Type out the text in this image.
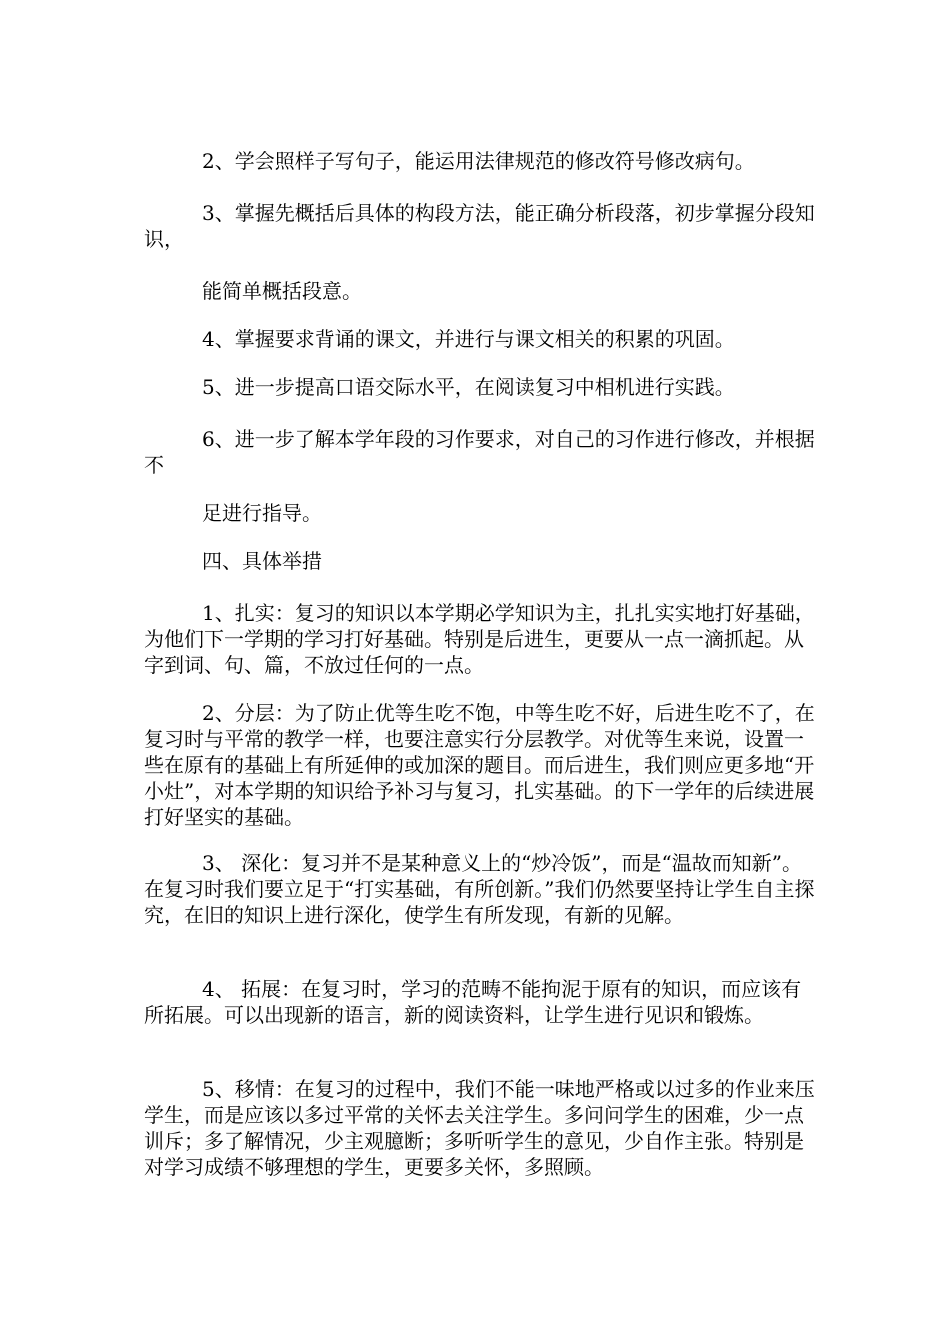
2、学会照样子写句子，能运用法律规范的修改符号修改病句。

3、掌握先概括后具体的构段方法，能正确分析段落，初步掌握分段知识，

能简单概括段意。

4、掌握要求背诵的课文，并进行与课文相关的积累的巩固。

5、进一步提高口语交际水平，在阅读复习中相机进行实践。

6、进一步了解本学年段的习作要求，对自己的习作进行修改，并根据不

足进行指导。

四、具体举措

1、扎实：复习的知识以本学期必学知识为主，扎扎实实地打好基础，为他们下一学期的学习打好基础。特别是后进生，更要从一点一滴抓起。从字到词、句、篇，不放过任何的一点。

2、分层：为了防止优等生吃不饱，中等生吃不好，后进生吃不了，在复习时与平常的教学一样，也要注意实行分层教学。对优等生来说，设置一些在原有的基础上有所延伸的或加深的题目。而后进生，我们则应更多地“开小灶”，对本学期的知识给予补习与复习，扎实基础。的下一学年的后续进展打好坚实的基础。

3、 深化：复习并不是某种意义上的“炒冷饭”，而是“温故而知新”。在复习时我们要立足于“打实基础，有所创新。”我们仍然要坚持让学生自主探究，在旧的知识上进行深化，使学生有所发现，有新的见解。

4、 拓展：在复习时，学习的范畴不能拘泥于原有的知识，而应该有所拓展。可以出现新的语言，新的阅读资料，让学生进行见识和锻炼。

5、移情：在复习的过程中，我们不能一味地严格或以过多的作业来压学生，而是应该以多过平常的关怀去关注学生。多问问学生的困难，少一点训斥；多了解情况，少主观臆断；多听听学生的意见，少自作主张。特别是对学习成绩不够理想的学生，更要多关怀，多照顾。
